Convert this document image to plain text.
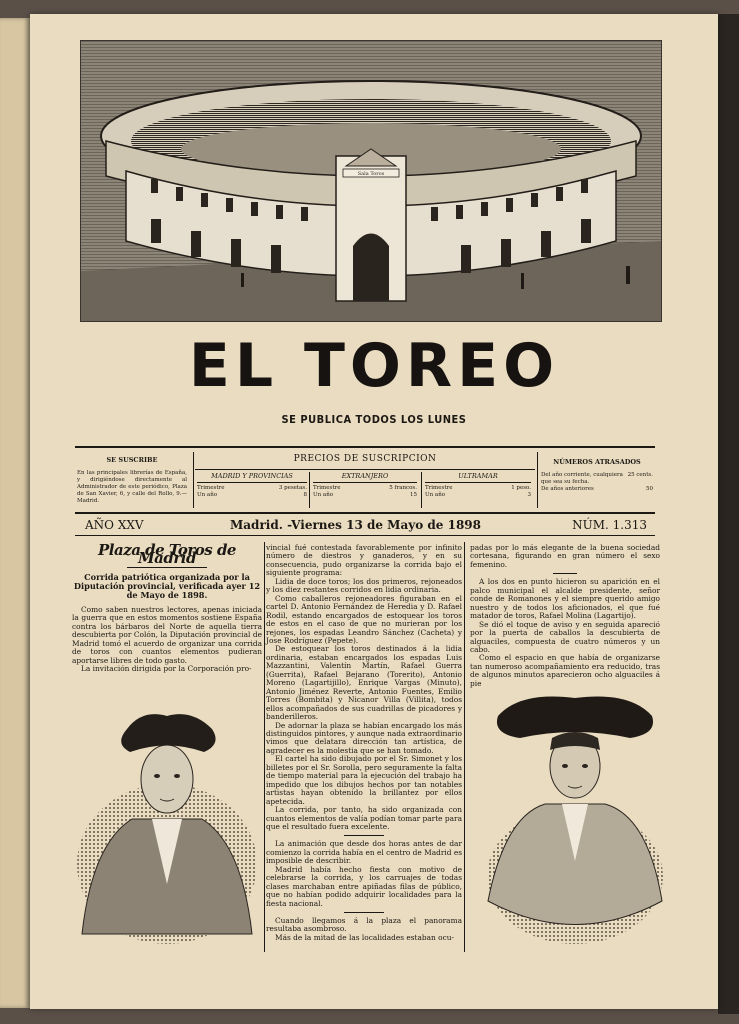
Sala Toros
EL TOREO
SE PUBLICA TODOS LOS LUNES
SE SUSCRIBE
En las principales librerías de España, y dirigiéndose directamente al Administrador de este periódico, Plaza de San Xavier, 6, y calle del Rollo, 9.—Madrid.
PRECIOS DE SUSCRIPCION
MADRID Y PROVINCIAS
Trimestre	3 pesetas.
Un año	8
EXTRANJERO
Trimestre	5 francos.
Un año	15
ULTRAMAR
Trimestre	1 peso.
Un año	3
NÚMEROS ATRASADOS
Del año corriente, cualquiera que sea su fecha.
25 cents.
De años anteriores	50
AÑO XXV	Madrid. -Viernes 13 de Mayo de 1898	NÚM. 1.313
Plaza de Toros de Madrid
Corrida patriótica organizada por la Diputación provincial, verificada ayer 12 de Mayo de 1898.

Como saben nuestros lectores, apenas iniciada la guerra que en estos momentos sostiene España contra los bárbaros del Norte de aquella tierra descubierta por Colón, la Diputación provincial de Madrid tomó el acuerdo de organizar una corrida de toros con cuantos elementos pudieran aportarse libres de todo gasto.

La invitación dirigida por la Corporación pro-

vincial fué contestada favorablemente por infinito número de diestros y ganaderos, y en su consecuencia, pudo organizarse la corrida bajo el siguiente programa:

Lidia de doce toros; los dos primeros, rejoneados y los diez restantes corridos en lidia ordinaria.

Como caballeros rejoneadores figuraban en el cartel D. Antonio Fernández de Heredia y D. Rafael Rodil, estando encargados de estoquear los toros de estos en el caso de que no murieran por los rejones, los espadas Leandro Sánchez (Cacheta) y Jose Rodríguez (Pepete).

De estoquear los toros destinados á la lidia ordinaria, estaban encargados los espadas Luis Mazzantini, Valentín Martín, Rafael Guerra (Guerrita), Rafael Bejarano (Torerito), Antonio Moreno (Lagartijillo), Enrique Vargas (Minuto), Antonio Jiménez Reverte, Antonio Fuentes, Emilio Torres (Bombita) y Nicanor Villa (Villita), todos ellos acompañados de sus cuadrillas de picadores y banderilleros.

De adornar la plaza se habían encargado los más distinguidos pintores, y aunque nada extraordinario vimos que delatara dirección tan artística, de agradecer es la molestia que se han tomado.

El cartel ha sido dibujado por el Sr. Simonet y los billetes por el Sr. Sorolla, pero seguramente la falta de tiempo material para la ejecución del trabajo ha impedido que los dibujos hechos por tan notables artistas hayan obtenido la brillantez por ellos apetecida.

La corrida, por tanto, ha sido organizada con cuantos elementos de valía podían tomar parte para que el resultado fuera excelente.

La animación que desde dos horas antes de dar comienzo la corrida había en el centro de Madrid es imposible de describir.

Madrid había hecho fiesta con motivo de celebrarse la corrida, y los carruajes de todas clases marchaban entre apiñadas filas de público, que no habían podido adquirir localidades para la fiesta nacional.

Cuando llegamos á la plaza el panorama resultaba asombroso.

Más de la mitad de las localidades estaban ocu-

padas por lo más elegante de la buena sociedad cortesana, figurando en gran número el sexo femenino.

A los dos en punto hicieron su aparición en el palco municipal el alcalde presidente, señor conde de Romanones y el siempre querido amigo nuestro y de todos los aficionados, el que fué matador de toros, Rafael Molina (Lagartijo).

Se dió el toque de aviso y en seguida apareció por la puerta de caballos la descubierta de alguaciles, compuesta de cuatro números y un cabo.

Como el espacio en que había de organizarse tan numeroso acompañamiento era reducido, tras de algunos minutos aparecieron ocho alguaciles á pie
